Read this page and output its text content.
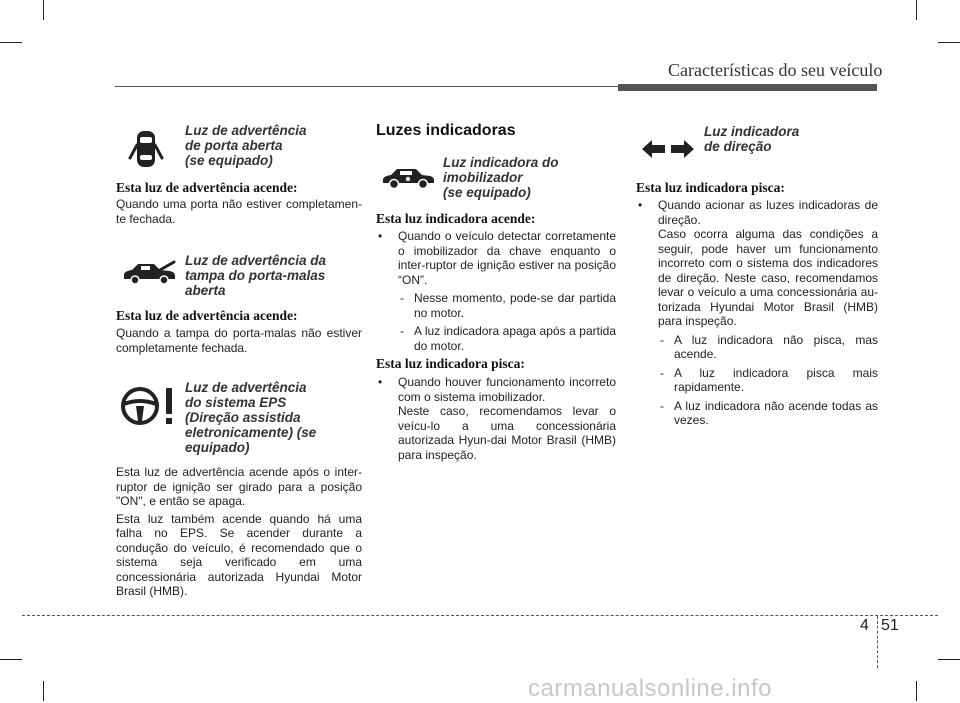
Características do seu veículo
Luz de advertência
de porta aberta
(se equipado)
Esta luz de advertência acende:
Quando uma porta não estiver completamen-te fechada.
Luz de advertência da
tampa do porta-malas
aberta
Esta luz de advertência acende:
Quando a tampa do porta-malas não estiver completamente fechada.
Luz de advertência
do sistema EPS
(Direção assistida
eletronicamente) (se
equipado)

Esta luz de advertência acende após o inter-ruptor de ignição ser girado para a posição "ON", e então se apaga.

Esta luz também acende quando há uma falha no EPS. Se acender durante a condução do veículo, é recomendado que o sistema seja verificado em uma concessionária autorizada Hyundai Motor Brasil (HMB).

Luzes indicadoras
Luz indicadora do
imobilizador
(se equipado)
Esta luz indicadora acende:
• Quando o veículo detectar corretamente o imobilizador da chave enquanto o inter-ruptor de ignição estiver na posição “ON”.
- Nesse momento, pode-se dar partida no motor.
- A luz indicadora apaga após a partida do motor.
Esta luz indicadora pisca:
• Quando houver funcionamento incorreto com o sistema imobilizador.
Neste caso, recomendamos levar o veícu-lo a uma concessionária autorizada Hyun-dai Motor Brasil (HMB) para inspeção.
Luz indicadora
de direção
Esta luz indicadora pisca:
• Quando acionar as luzes indicadoras de direção.
Caso ocorra alguma das condições a seguir, pode haver um funcionamento incorreto com o sistema dos indicadores de direção. Neste caso, recomendamos levar o veículo a uma concessionária au-torizada Hyundai Motor Brasil (HMB) para inspeção.
- A luz indicadora não pisca, mas acende.
- A luz indicadora pisca mais rapidamente.
- A luz indicadora não acende todas as vezes.
4 51
carmanualsonline.info
